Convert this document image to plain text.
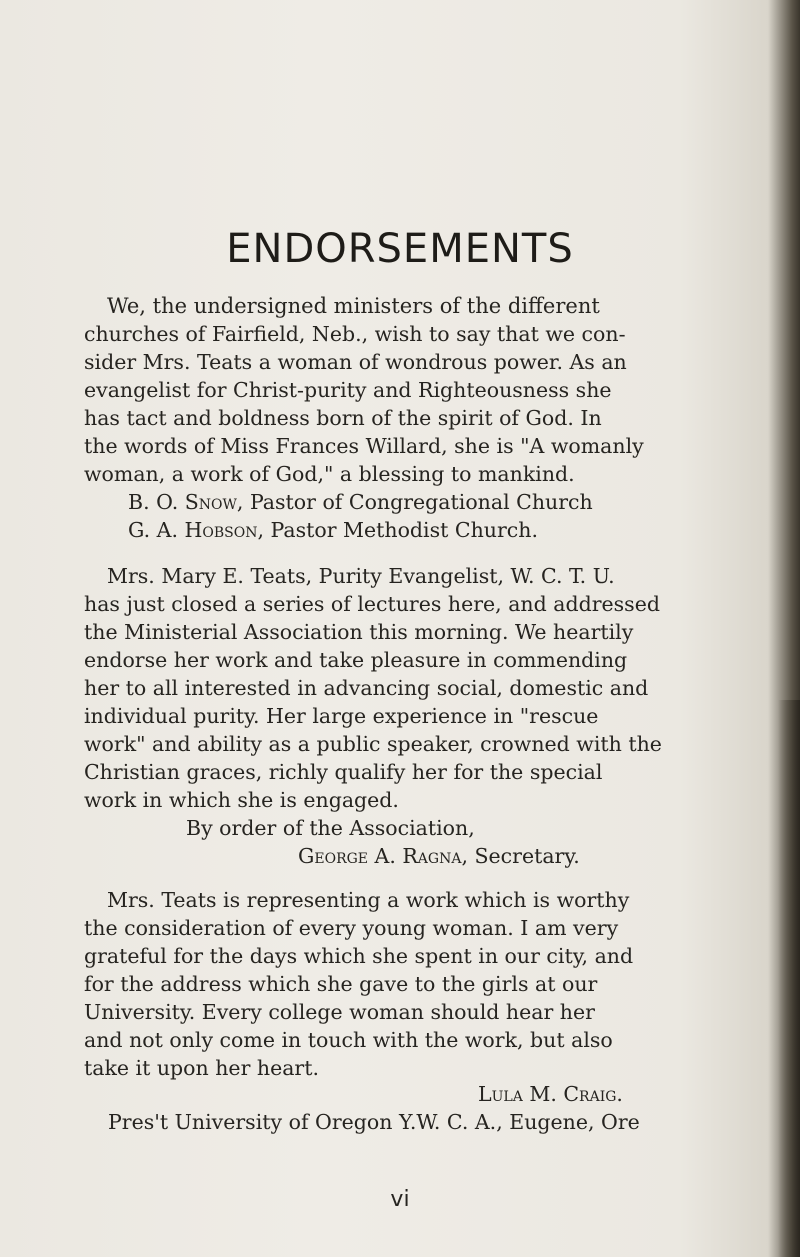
ENDORSEMENTS
We, the undersigned ministers of the different
churches of Fairfield, Neb., wish to say that we con-
sider Mrs. Teats a woman of wondrous power. As an
evangelist for Christ-purity and Righteousness she
has tact and boldness born of the spirit of God. In
the words of Miss Frances Willard, she is "A womanly
woman, a work of God," a blessing to mankind.
B. O. Snow, Pastor of Congregational Church
G. A. Hobson, Pastor Methodist Church.
Mrs. Mary E. Teats, Purity Evangelist, W. C. T. U.
has just closed a series of lectures here, and addressed
the Ministerial Association this morning. We heartily
endorse her work and take pleasure in commending
her to all interested in advancing social, domestic and
individual purity. Her large experience in "rescue
work" and ability as a public speaker, crowned with the
Christian graces, richly qualify her for the special
work in which she is engaged.
By order of the Association,
George A. Ragna, Secretary.
Mrs. Teats is representing a work which is worthy
the consideration of every young woman. I am very
grateful for the days which she spent in our city, and
for the address which she gave to the girls at our
University. Every college woman should hear her
and not only come in touch with the work, but also
take it upon her heart.
Lula M. Craig.
Pres't University of Oregon Y.W. C. A., Eugene, Ore
vi
